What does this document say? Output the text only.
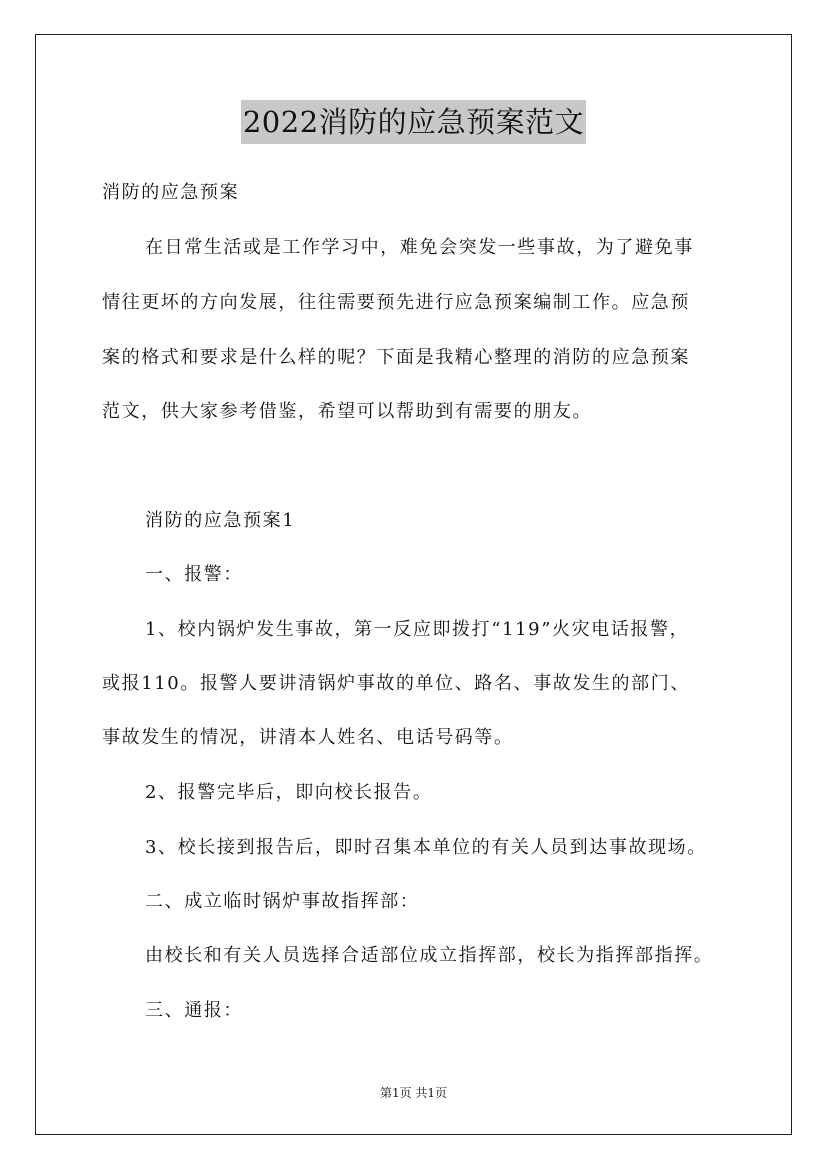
2022消防的应急预案范文
消防的应急预案
在日常生活或是工作学习中，难免会突发一些事故，为了避免事
情往更坏的方向发展，往往需要预先进行应急预案编制工作。应急预
案的格式和要求是什么样的呢？下面是我精心整理的消防的应急预案
范文，供大家参考借鉴，希望可以帮助到有需要的朋友。
消防的应急预案1
一、报警：
1、校内锅炉发生事故，第一反应即拨打“119”火灾电话报警，
或报110。报警人要讲清锅炉事故的单位、路名、事故发生的部门、
事故发生的情况，讲清本人姓名、电话号码等。
2、报警完毕后，即向校长报告。
3、校长接到报告后，即时召集本单位的有关人员到达事故现场。
二、成立临时锅炉事故指挥部：
由校长和有关人员选择合适部位成立指挥部，校长为指挥部指挥。
三、通报：
第1页 共1页
